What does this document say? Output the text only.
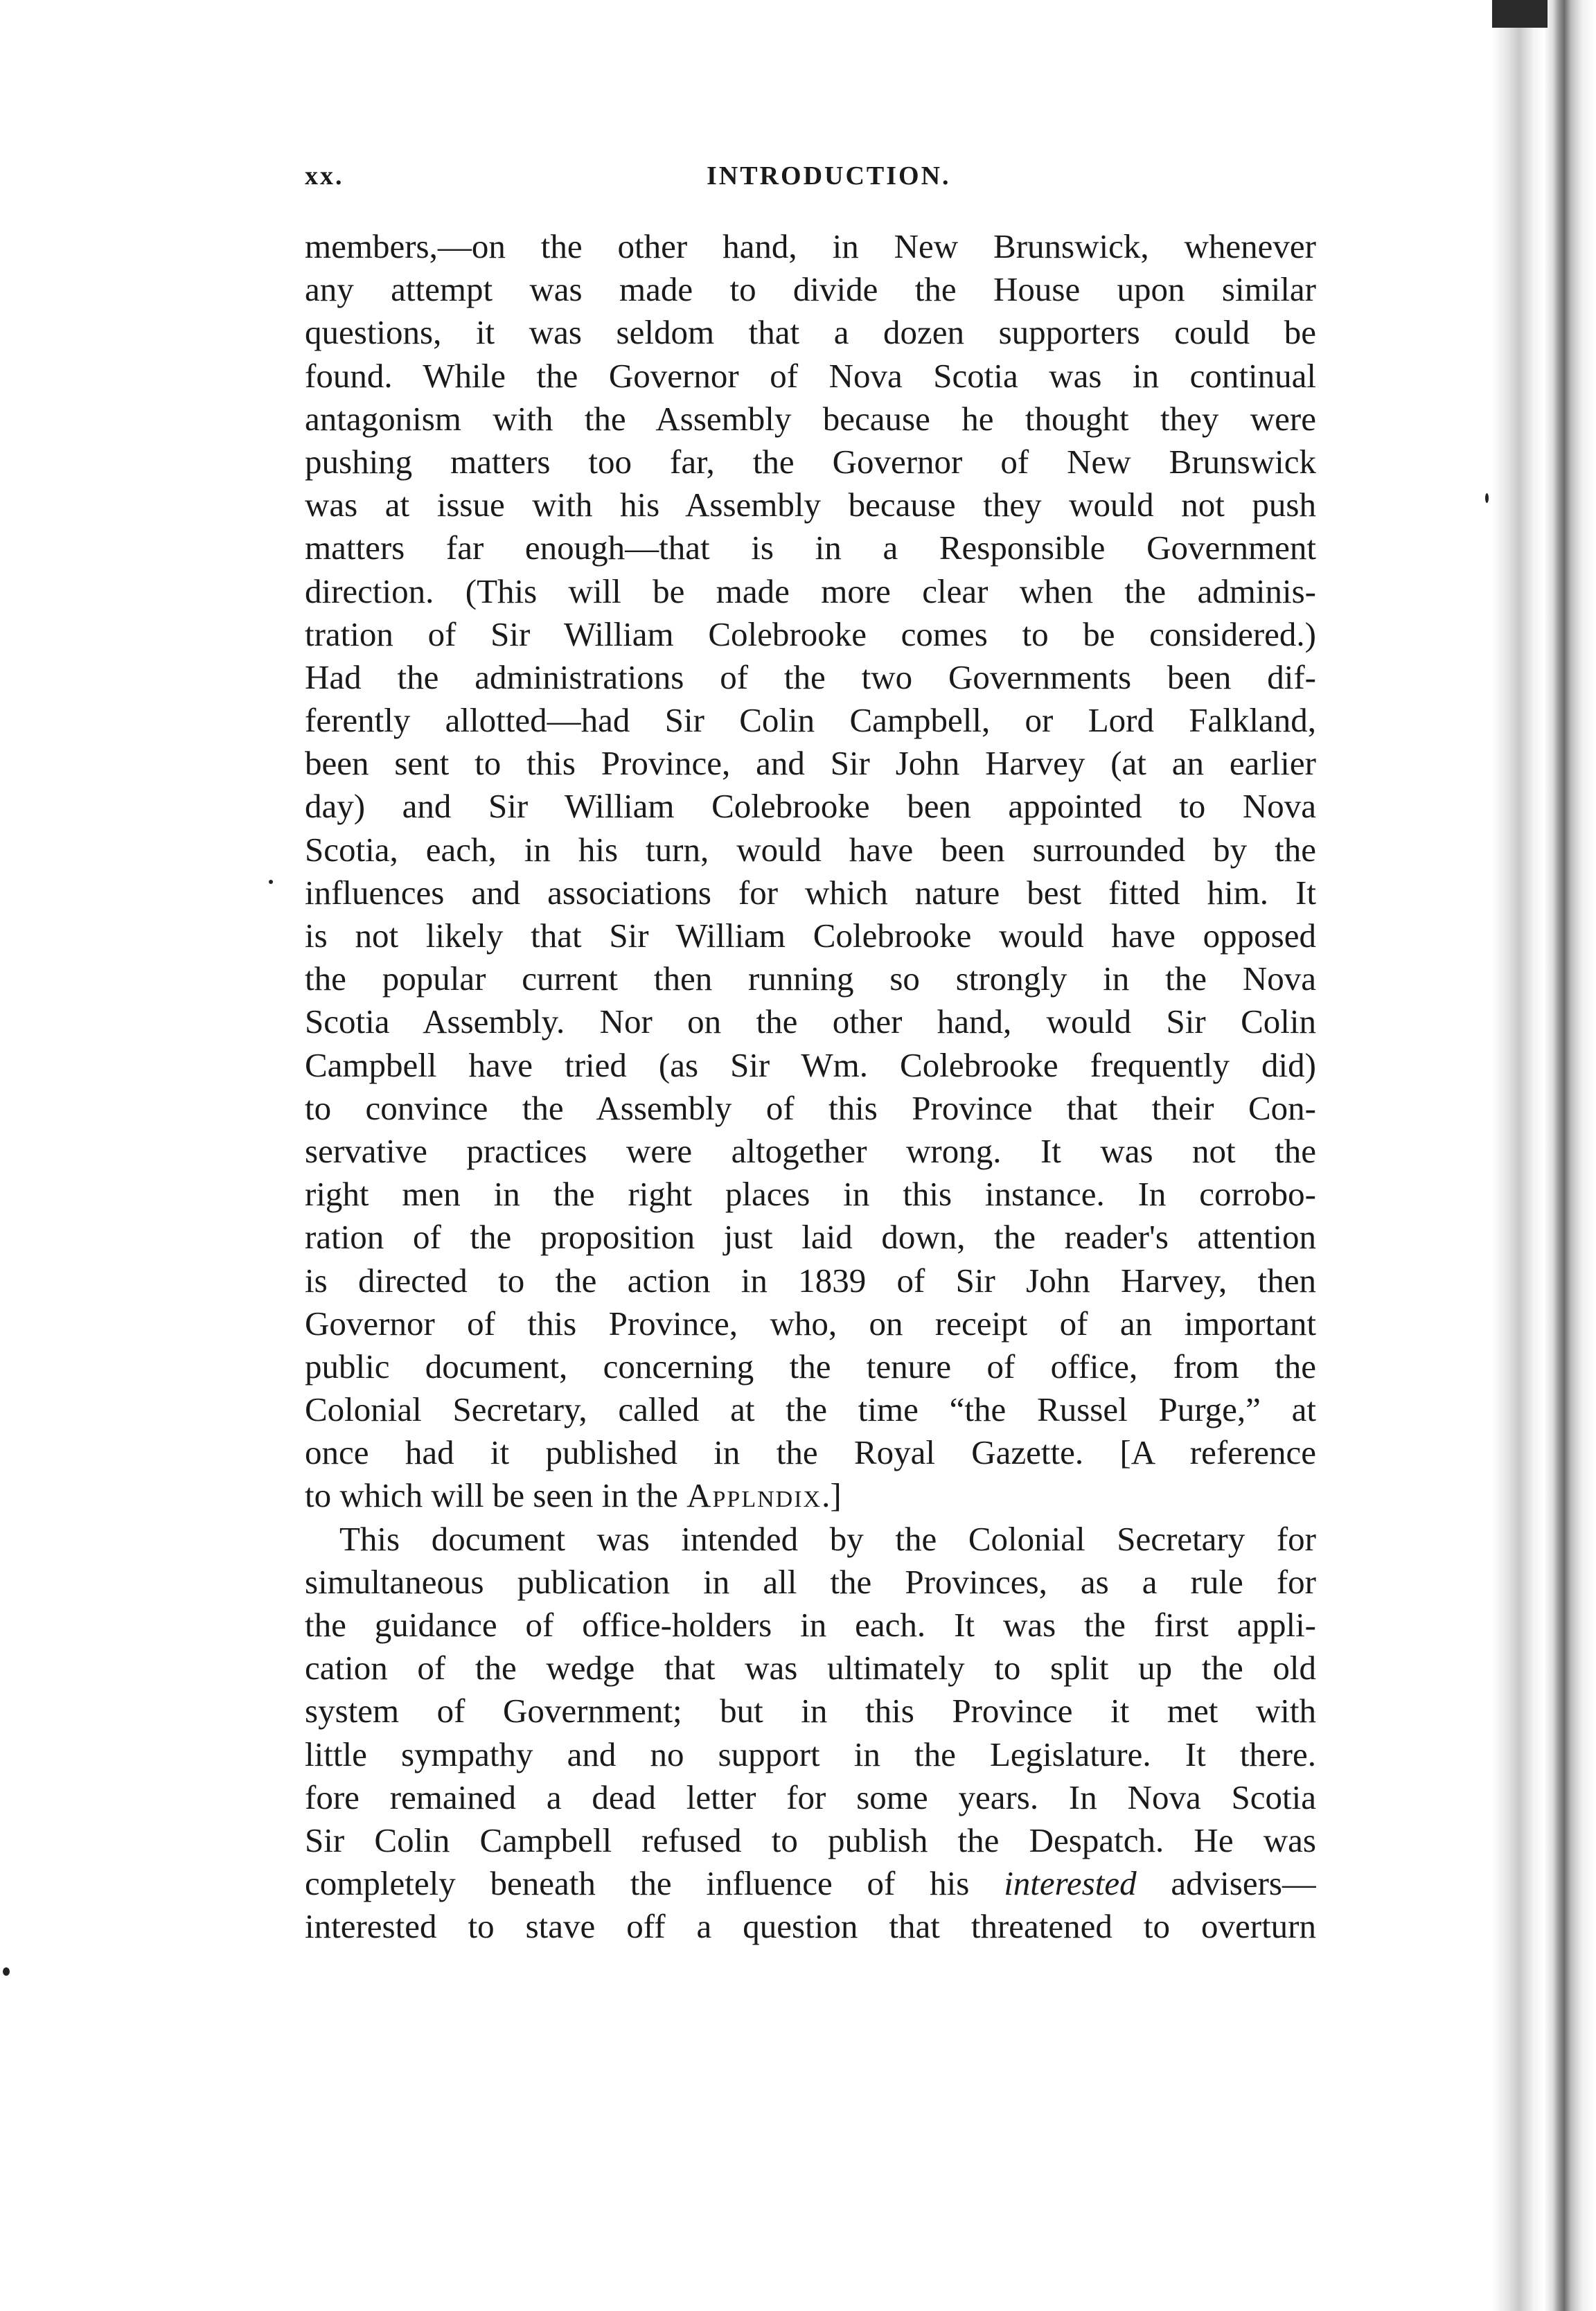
xx.	INTRODUCTION.
members,—on the other hand, in New Brunswick, whenever
any attempt was made to divide the House upon similar
questions, it was seldom that a dozen supporters could be
found. While the Governor of Nova Scotia was in continual
antagonism with the Assembly because he thought they were
pushing matters too far, the Governor of New Brunswick
was at issue with his Assembly because they would not push
matters far enough—that is in a Responsible Government
direction. (This will be made more clear when the adminis-
tration of Sir William Colebrooke comes to be considered.)
Had the administrations of the two Governments been dif-
ferently allotted—had Sir Colin Campbell, or Lord Falkland,
been sent to this Province, and Sir John Harvey (at an earlier
day) and Sir William Colebrooke been appointed to Nova
Scotia, each, in his turn, would have been surrounded by the
influences and associations for which nature best fitted him. It
is not likely that Sir William Colebrooke would have opposed
the popular current then running so strongly in the Nova
Scotia Assembly. Nor on the other hand, would Sir Colin
Campbell have tried (as Sir Wm. Colebrooke frequently did)
to convince the Assembly of this Province that their Con-
servative practices were altogether wrong. It was not the
right men in the right places in this instance. In corrobo-
ration of the proposition just laid down, the reader's attention
is directed to the action in 1839 of Sir John Harvey, then
Governor of this Province, who, on receipt of an important
public document, concerning the tenure of office, from the
Colonial Secretary, called at the time “the Russel Purge,” at
once had it published in the Royal Gazette. [A reference
to which will be seen in the Applndix.]
This document was intended by the Colonial Secretary for
simultaneous publication in all the Provinces, as a rule for
the guidance of office-holders in each. It was the first appli-
cation of the wedge that was ultimately to split up the old
system of Government; but in this Province it met with
little sympathy and no support in the Legislature. It there.
fore remained a dead letter for some years. In Nova Scotia
Sir Colin Campbell refused to publish the Despatch. He was
completely beneath the influence of his interested advisers—
interested to stave off a question that threatened to overturn
